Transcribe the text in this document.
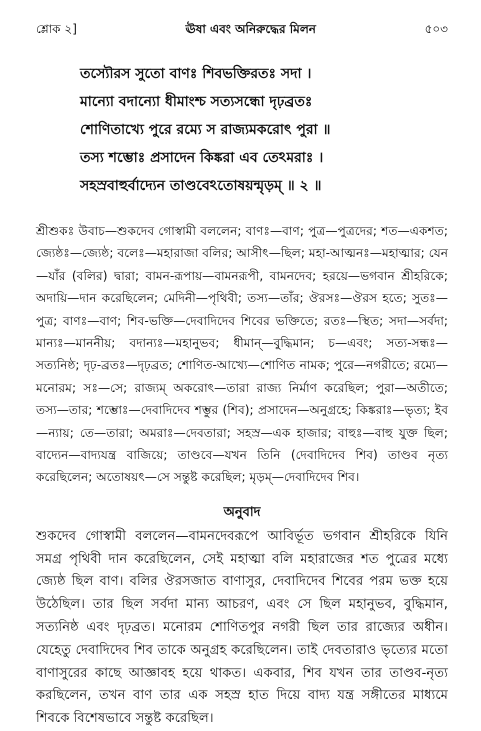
শ্লোক ২]	ঊষা এবং অনিরুদ্ধের মিলন	৫০৩
তস্যৌরস সুতো বাণঃ শিবভক্তিরতঃ সদা ।
মান্যো বদান্যো ধীমাংশ্চ সত্যসন্ধো দৃঢ়ব্রতঃ
শোণিতাখ্যে পুরে রম্যে স রাজ্যমকরোৎ পুরা ॥
তস্য শম্ভোঃ প্রসাদেন কিঙ্করা এব তেঽমরাঃ ।
সহস্রবাহুর্বাদ্যেন তাণ্ডবেঽতোষয়ন্মৃড়ম্ ॥ ২ ॥
শ্রীশুকঃ উবাচ—শুকদেব গোস্বামী বললেন; বাণঃ—বাণ; পুত্র—পুত্রদের; শত—একশত; জ্যেষ্ঠঃ—জ্যেষ্ঠ; বলেঃ—মহারাজা বলির; আসীৎ—ছিল; মহা-আত্মনঃ—মহাত্মার; যেন—যাঁর (বলির) দ্বারা; বামন-রূপায়—বামনরূপী, বামনদেব; হরয়ে—ভগবান শ্রীহরিকে; অদায়ি—দান করেছিলেন; মেদিনী—পৃথিবী; তস্য—তাঁর; ঔরসঃ—ঔরস হতে; সুতঃ—পুত্র; বাণঃ—বাণ; শিব-ভক্তি—দেবাদিদেব শিবের ভক্তিতে; রতঃ—স্থিত; সদা—সর্বদা; মান্যঃ—মাননীয়; বদান্যঃ—মহানুভব; ধীমান্—বুদ্ধিমান; চ—এবং; সত্য-সন্ধঃ—সত্যনিষ্ঠ; দৃঢ়-ব্রতঃ—দৃঢ়ব্রত; শোণিত-আখ্যে—শোণিত নামক; পুরে—নগরীতে; রম্যে—মনোরম; সঃ—সে; রাজ্যম্ অকরোৎ—তারা রাজ্য নির্মাণ করেছিল; পুরা—অতীতে; তস্য—তার; শম্ভোঃ—দেবাদিদেব শম্ভুর (শিব); প্রসাদেন—অনুগ্রহে; কিঙ্করাঃ—ভৃত্য; ইব—ন্যায়; তে—তারা; অমরাঃ—দেবতারা; সহস্র—এক হাজার; বাহুঃ—বাহু যুক্ত ছিল; বাদ্যেন—বাদ্যযন্ত্র বাজিয়ে; তাণ্ডবে—যখন তিনি (দেবাদিদেব শিব) তাণ্ডব নৃত্য করেছিলেন; অতোষয়ৎ—সে সন্তুষ্ট করেছিল; মৃড়ম্—দেবাদিদেব শিব।
অনুবাদ
শুকদেব গোস্বামী বললেন—বামনদেবরূপে আবির্ভূত ভগবান শ্রীহরিকে যিনি সমগ্র পৃথিবী দান করেছিলেন, সেই মহাত্মা বলি মহারাজের শত পুত্রের মধ্যে জ্যেষ্ঠ ছিল বাণ। বলির ঔরসজাত বাণাসুর, দেবাদিদেব শিবের পরম ভক্ত হয়ে উঠেছিল। তার ছিল সর্বদা মান্য আচরণ, এবং সে ছিল মহানুভব, বুদ্ধিমান, সত্যনিষ্ঠ এবং দৃঢ়ব্রত। মনোরম শোণিতপুর নগরী ছিল তার রাজ্যের অধীন। যেহেতু দেবাদিদেব শিব তাকে অনুগ্রহ করেছিলেন। তাই দেবতারাও ভৃত্যের মতো বাণাসুরের কাছে আজ্ঞাবহ হয়ে থাকত। একবার, শিব যখন তার তাণ্ডব-নৃত্য করছিলেন, তখন বাণ তার এক সহস্র হাত দিয়ে বাদ্য যন্ত্র সঙ্গীতের মাধ্যমে শিবকে বিশেষভাবে সন্তুষ্ট করেছিল।
